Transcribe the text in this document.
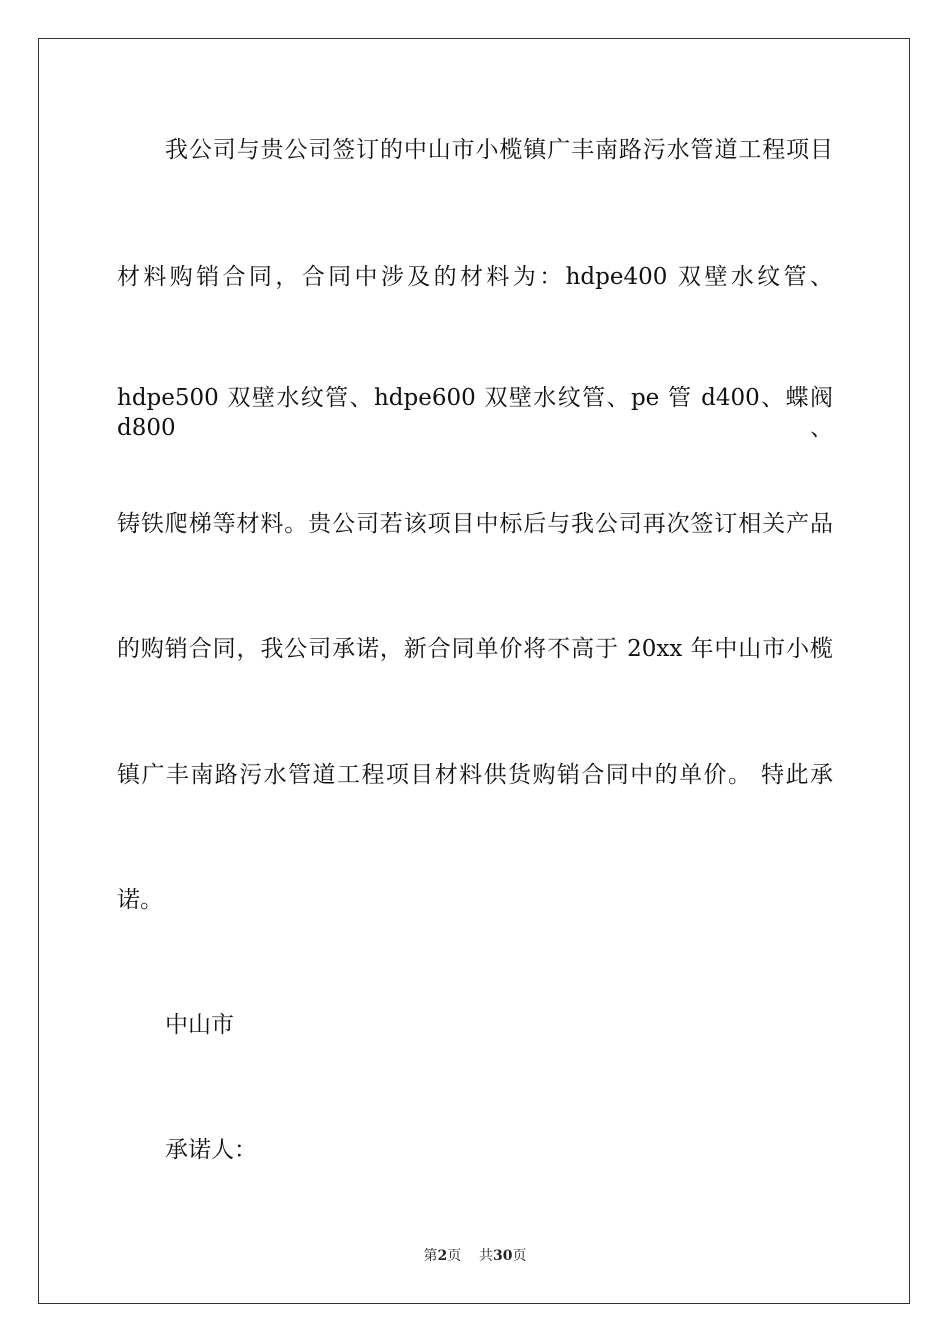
我公司与贵公司签订的中山市小榄镇广丰南路污水管道工程项目
材料购销合同，合同中涉及的材料为：hdpe400 双壁水纹管、
hdpe500 双壁水纹管、hdpe600 双壁水纹管、pe 管 d400、蝶阀 d800、
铸铁爬梯等材料。贵公司若该项目中标后与我公司再次签订相关产品
的购销合同，我公司承诺，新合同单价将不高于 20xx 年中山市小榄
镇广丰南路污水管道工程项目材料供货购销合同中的单价。 特此承
诺。
中山市
承诺人：
第2页 共30页
